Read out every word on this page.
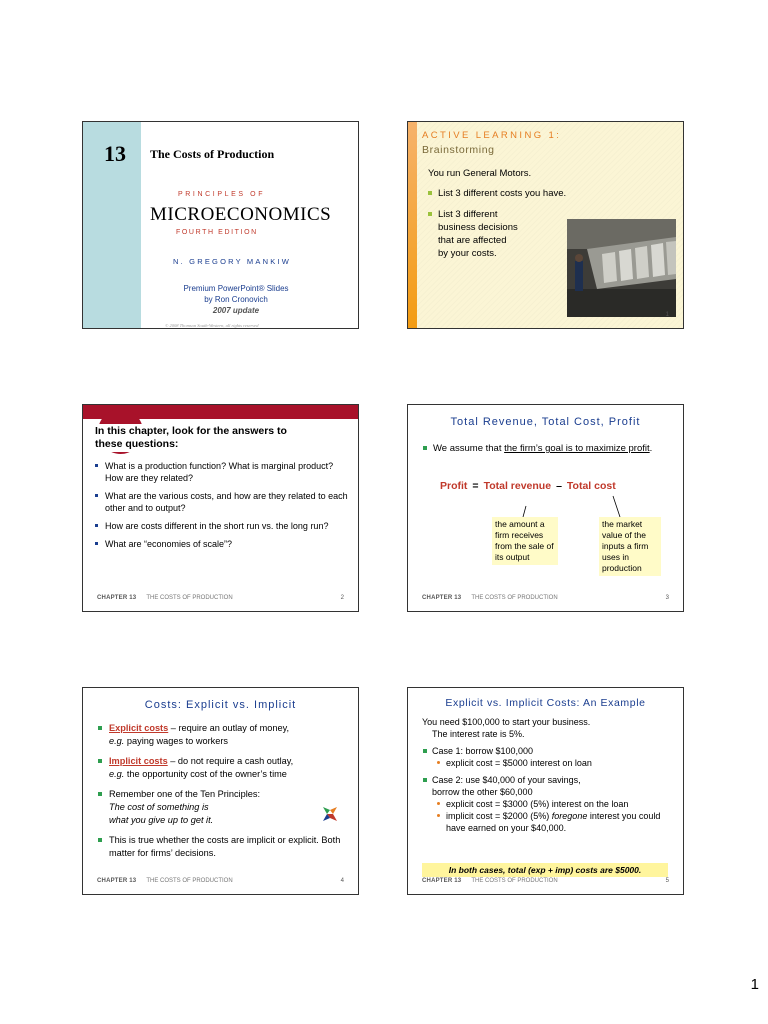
13 The Costs of Production
PRINCIPLES OF
MICROECONOMICS
FOURTH EDITION
N. GREGORY MANKIW
Premium PowerPoint® Slides
by Ron Cronovich
2007 update
© 2008 Thomson South-Western, all rights reserved
ACTIVE LEARNING 1:
Brainstorming
You run General Motors.
List 3 different costs you have.
List 3 different
business decisions
that are affected
by your costs.
1
In this chapter, look for the answers to
these questions:
What is a production function? What is marginal product? How are they related?
What are the various costs, and how are they related to each other and to output?
How are costs different in the short run vs. the long run?
What are “economies of scale”?
CHAPTER 13 THE COSTS OF PRODUCTION	2
Total Revenue, Total Cost, Profit
We assume that the firm’s goal is to maximize profit.
Profit = Total revenue – Total cost
the amount a firm receives from the sale of its output
the market value of the inputs a firm uses in production
CHAPTER 13 THE COSTS OF PRODUCTION	3
Costs: Explicit vs. Implicit
Explicit costs – require an outlay of money,
e.g. paying wages to workers
Implicit costs – do not require a cash outlay,
e.g. the opportunity cost of the owner’s time
Remember one of the Ten Principles:
The cost of something is
what you give up to get it.
This is true whether the costs are implicit or explicit. Both matter for firms’ decisions.
CHAPTER 13 THE COSTS OF PRODUCTION	4
Explicit vs. Implicit Costs: An Example
You need $100,000 to start your business.
The interest rate is 5%.
Case 1: borrow $100,000
explicit cost = $5000 interest on loan
Case 2: use $40,000 of your savings,
borrow the other $60,000
explicit cost = $3000 (5%) interest on the loan
implicit cost = $2000 (5%) foregone interest you could have earned on your $40,000.
In both cases, total (exp + imp) costs are $5000.
CHAPTER 13 THE COSTS OF PRODUCTION	5
1
